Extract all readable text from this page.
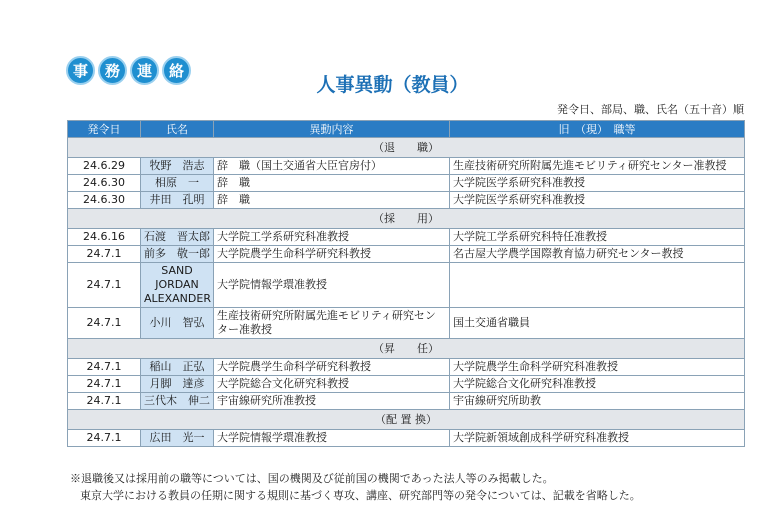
事	務	連	絡
人事異動（教員）
発令日、部局、職、氏名（五十音）順
発令日	氏名	異動内容	旧　（現）　職等
（退　　職）			
24.6.29	牧野　浩志	辞　職（国土交通省大臣官房付）	生産技術研究所附属先進モビリティ研究センター准教授
24.6.30	相原　一	辞　職	大学院医学系研究科准教授
24.6.30	井田　孔明	辞　職	大学院医学系研究科准教授
（採　　用）			
24.6.16	石渡　晋太郎	大学院工学系研究科准教授	大学院工学系研究科特任准教授
24.7.1	前多　敬一郎	大学院農学生命科学研究科教授	名古屋大学農学国際教育協力研究センター教授
24.7.1	SAND
JORDAN
ALEXANDER	大学院情報学環准教授	
24.7.1	小川　智弘	生産技術研究所附属先進モビリティ研究センター准教授	国土交通省職員
（昇　　任）			
24.7.1	稲山　正弘	大学院農学生命科学研究科教授	大学院農学生命科学研究科准教授
24.7.1	月脚　達彦	大学院総合文化研究科教授	大学院総合文化研究科准教授
24.7.1	三代木　伸二	宇宙線研究所准教授	宇宙線研究所助教
（配 置 換）			
24.7.1	広田　光一	大学院情報学環准教授	大学院新領域創成科学研究科准教授
※退職後又は採用前の職等については、国の機関及び従前国の機関であった法人等のみ掲載した。
東京大学における教員の任期に関する規則に基づく専攻、講座、研究部門等の発令については、記載を省略した。
